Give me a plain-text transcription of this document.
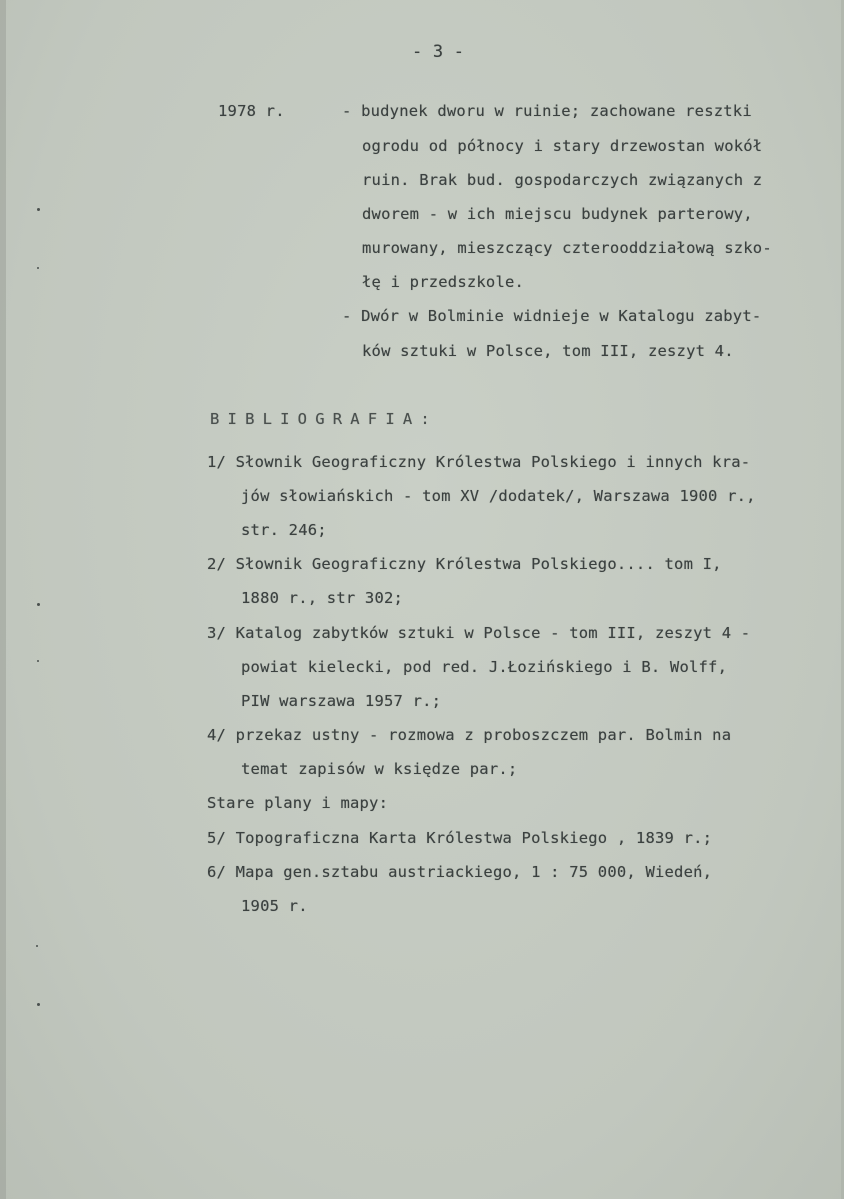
- 3 -
1978 r.	- budynek dworu w ruinie; zachowane resztki
ogrodu od północy i stary drzewostan wokół
ruin. Brak bud. gospodarczych związanych z
dworem - w ich miejscu budynek parterowy,
murowany, mieszczący czterooddziałową szko-
łę i przedszkole.
- Dwór w Bolminie widnieje w Katalogu zabyt-
ków sztuki w Polsce, tom III, zeszyt 4.
BIBLIOGRAFIA:
1/ Słownik Geograficzny Królestwa Polskiego i innych kra-
jów słowiańskich - tom XV /dodatek/, Warszawa 1900 r.,
str. 246;
2/ Słownik Geograficzny Królestwa Polskiego.... tom I,
1880 r., str 302;
3/ Katalog zabytków sztuki w Polsce - tom III, zeszyt 4 -
powiat kielecki, pod red. J.Łozińskiego i B. Wolff,
PIW warszawa 1957 r.;
4/ przekaz ustny - rozmowa z proboszczem par. Bolmin na
temat zapisów w księdze par.;
Stare plany i mapy:
5/ Topograficzna Karta Królestwa Polskiego , 1839 r.;
6/ Mapa gen.sztabu austriackiego, 1 : 75 000, Wiedeń,
1905 r.
